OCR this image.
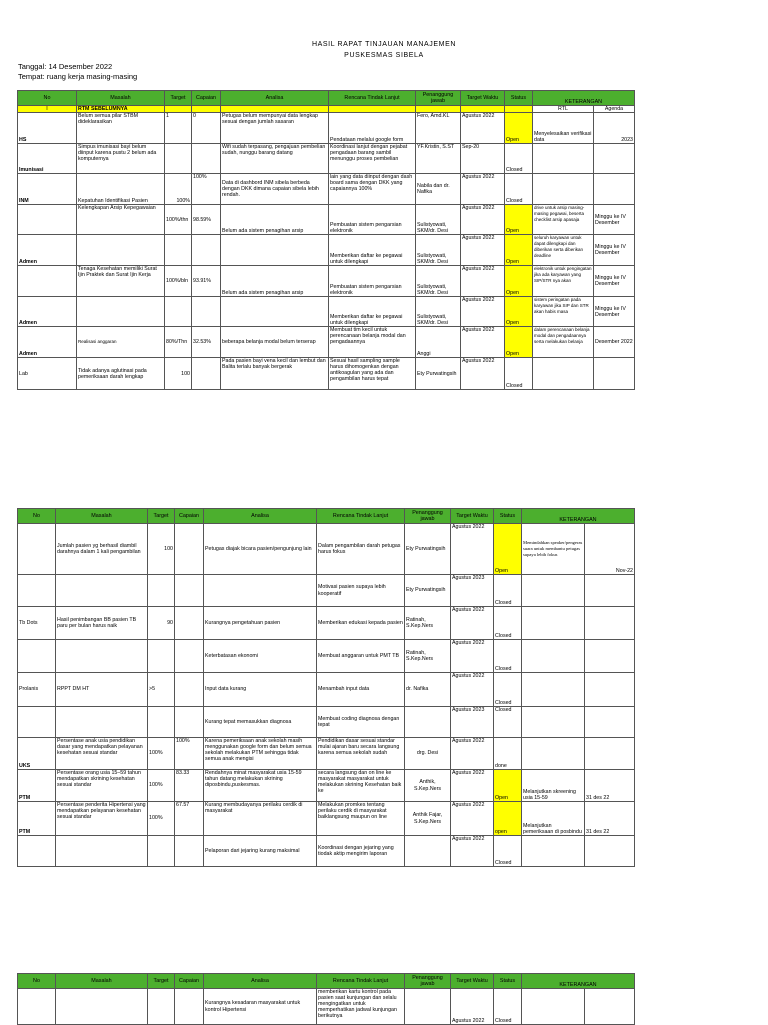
HASIL RAPAT TINJAUAN MANAJEMEN
PUSKESMAS SIBELA
Tanggal: 14 Desember 2022
Tempat: ruang kerja masing-masing
No	Masalah	Target	Capaian	Analisa	Rencana Tindak Lanjut	Penanggung jawab	Target Waktu	Status	KETERANGAN	
I	RTM SEBELUMNYA								RTL	Agenda
HS	Belum semua pilar STBM dideklarasikan	1	0	Petugas belum mempunyai data lengkap sesuai dengan jumlah sasaran	Pendataan melalui google form	Fero, Amd.KL	Agustus 2022	Open	Menyelesaikan verifikasi data	2023
Imunisasi	Simpus imunisasi bayi belum diinput karena pustu 2 belum ada komputernya			Wifi sudah terpasang, pengajuan pembelian sudah, nunggu barang datang	Koordinasi lanjut dengan pejabat pengadaan barang sambil menunggu proses pembelian	YF.Kristin, S.ST	Sep-20	Closed		
INM	Kepatuhan Identifikasi Pasien	100%	100%	Data di dashbord INM sibela berbeda dengan DKK dimana capaian sibela lebih rendah.	lain yang data diinput dengan dash board sama dengan DKK yang capaiannya 100%	Nabila dan dr. Nafika	Agustus 2022	Closed		
	Kelengkapan Arsip Kepegawaian	100%/thn	98.59%	Belum ada sistem penagihan arsip	Pembuatan sistem pengarsian elektronik	Sulistyowati, SKM/dr. Desi	Agustus 2022	Open	drive untuk arsip masing-masing pegawai, beserta checklist arsip apasaja	Minggu ke IV Desember
Admen					Memberikan daftar ke pegawai untuk dilengkapi	Sulistyowati, SKM/dr. Desi	Agustus 2022	Open	seluruh karyawan untuk dapat dilengkapi dan diberikan serta diberikan deadline	Minggu ke IV Desember
	Tenaga Kesehatan memiliki Surat Ijin Praktek dan Surat Ijin Kerja	100%/bln	93.91%	Belum ada sistem penagihan arsip	Pembuatan sistem pengarsian elektronik	Sulistyowati, SKM/dr. Desi	Agustus 2022	Open	elektronik untuk pengingatan jika ada karyawan yang SIP/STR nya akan	Minggu ke IV Desember
Admen					Memberikan daftar ke pegawai untuk dilengkapi	Sulistyowati, SKM/dr. Desi	Agustus 2022	Open	sistem peringatan pada karyawan jika SIP dan STR akan habis masa	Minggu ke IV Desember
Admen	Realisasi anggaran	80%/Thn	32.53%	beberapa belanja modal belum terserap	Membuat tim kecil untuk perencanaan belanja modal dan pengadaannya	Anggi	Agustus 2022	Open	dalam perencanaan belanja modal dan pengadaannya serta melakukan belanja	Desember 2022
Lab	Tidak adanya aglutinasi pada pemeriksaan darah lengkap	100		Pada pasien bayi vena kecil dan lembut dan Balita terlalu banyak bergerak	Sesuai hasil sampling sample harus dihomogenkan dengan antikoagulan yang ada dan pengambilan harus tepat	Ety Purwatingsih	Agustus 2022	Closed		
No	Masalah	Target	Capaian	Analisa	Rencana Tindak Lanjut	Penanggung jawab	Target Waktu	Status	KETERANGAN	
	Jumlah pasien yg berhasil diambil darahnya dalam 1 kali pengambilan	100		Petugas diajak bicara pasien/pengunjung lain	Dalam pengambilan darah petugas harus fokus	Ety Purwatingsih	Agustus 2022	Open	Memindahkan speaker/pengeras suara untuk membantu petugas supaya lebih fokus	Nov-22
					Motivasi pasien supaya lebih kooperatif	Ety Purwatingsih	Agustus 2023	Closed		
Tb Dots	Hasil penimbangan BB pasien TB paru per bulan harus naik	90		Kurangnya pengetahuan pasien	Memberikan edukasi kepada pasien	Ratinah, S.Kep.Ners	Agustus 2022	Closed		
				Keterbatasan ekonomi	Membuat anggaran untuk PMT TB	Ratinah, S.Kep.Ners	Agustus 2022	Closed		
Prolanis	RPPT DM HT	>5		Input data kurang	Menambah input data	dr. Nafika	Agustus 2022	Closed		
				Kurang tepat memasukkan diagnosa	Membuat coding diagnosa dengan tepat		Agustus 2023	Closed		
UKS	Persentase anak usia pendidikan dasar yang mendapatkan pelayanan kesehatan sesuai standar	100%	100%	Karena pemeriksaan anak sekolah masih menggunakan google form dan belum semua sekolah melakukan PTM sehingga tidak semua anak mengisi	Pendidikan dasar sesuai standar mulai ajaran baru secara langsung karena semua sekolah sudah	drg. Desi	Agustus 2022	done		
PTM	Persentase orang usia 15–59 tahun mendapatkan skrining kesehatan sesuai standar	100%	83.33	Rendahnya minat masyarakat usia 15-59 tahun datang melakukan skrining diposbindu,puskesmas.	secara langsung dan on line ke masyarakat masyarakat untuk melakukan skrining Kesehatan baik ke	Anthik, S.Kep.Ners	Agustus 2022	Open	Melanjutkan skreening usia 15-59	31 des 22
PTM	Persentase penderita Hipertensi yang mendapatkan pelayanan kesehatan sesuai standar	100%	67.57	Kurang membudayanya perilaku cerdik di masyarakat	Melakukan promkes tentang perilaku cerdik di masyarakat baiklangsung maupun on line	Anthik Fajar, S.Kep.Ners	Agustus 2022	open	Melanjutkan pemeriksaan di posbindu	31 des 22
				Pelaporan dari jejaring kurang maksimal	Koordinasi dengan jejaring yang tiodak aktip mengirim laporan		Agustus 2022	Closed		
No	Masalah	Target	Capaian	Analisa	Rencana Tindak Lanjut	Penanggung jawab	Target Waktu	Status	KETERANGAN	
				Kurangnya kesadaran masyarakat untuk kontrol Hipertensi	memberikan kartu kontrol pada pasien saat kunjungan dan selalu mengingatkan untuk memperhatikan jadwal kunjungan berikutnya		Agustus 2022	Closed		
